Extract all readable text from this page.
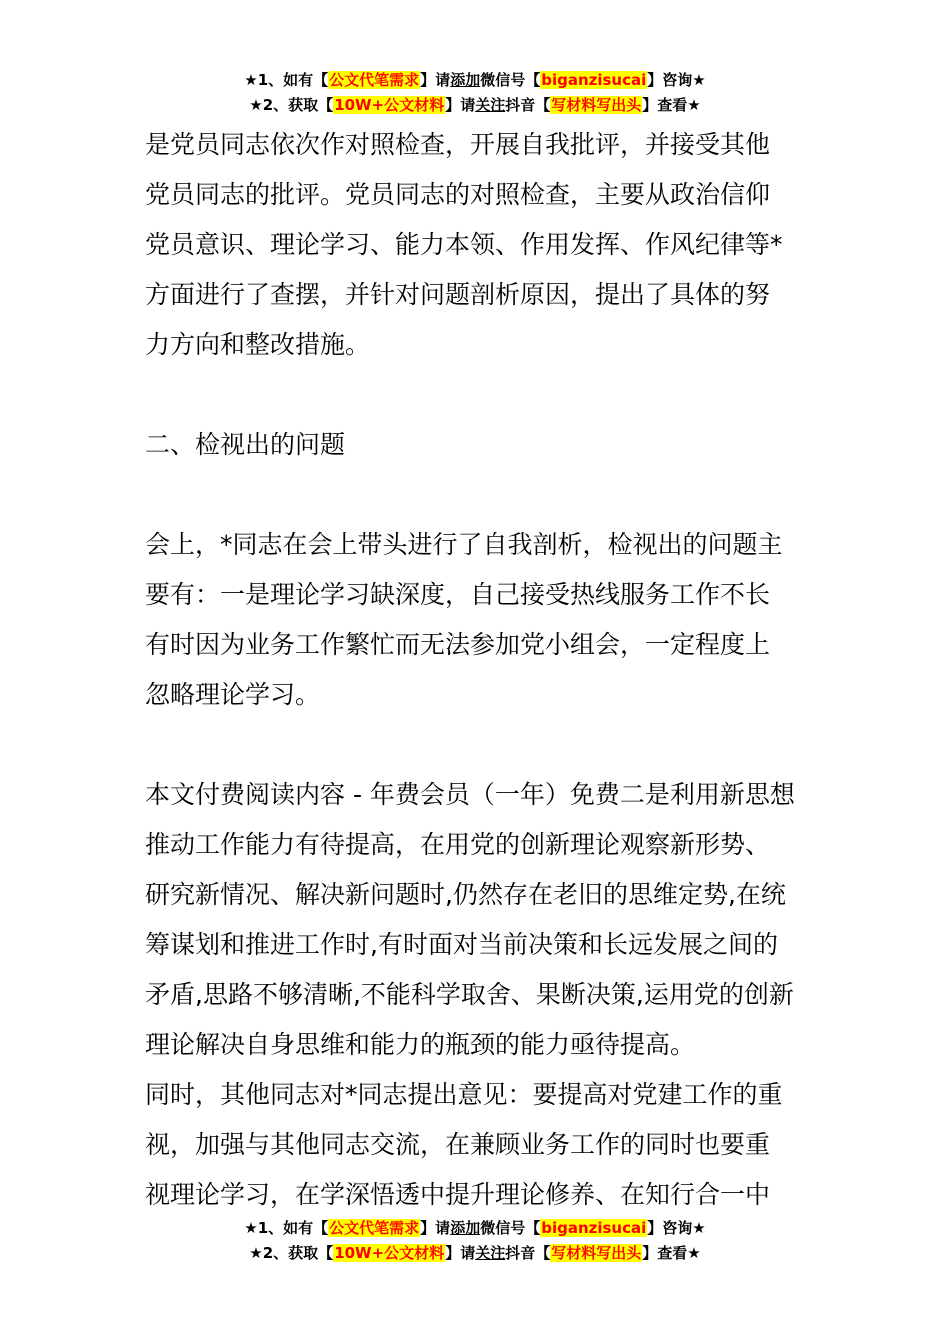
★1、如有【公文代笔需求】请添加微信号【biganzisucai】咨询★
★2、获取【10W+公文材料】请关注抖音【写材料写出头】查看★
是党员同志依次作对照检查，开展自我批评，并接受其他
党员同志的批评。党员同志的对照检查，主要从政治信仰
党员意识、理论学习、能力本领、作用发挥、作风纪律等*
方面进行了查摆，并针对问题剖析原因，提出了具体的努
力方向和整改措施。
二、检视出的问题
会上，*同志在会上带头进行了自我剖析，检视出的问题主
要有：一是理论学习缺深度，自己接受热线服务工作不长
有时因为业务工作繁忙而无法参加党小组会，一定程度上
忽略理论学习。
本文付费阅读内容 - 年费会员（一年）免费二是利用新思想
推动工作能力有待提高，在用党的创新理论观察新形势、
研究新情况、解决新问题时,仍然存在老旧的思维定势,在统
筹谋划和推进工作时,有时面对当前决策和长远发展之间的
矛盾,思路不够清晰,不能科学取舍、果断决策,运用党的创新
理论解决自身思维和能力的瓶颈的能力亟待提高。
同时，其他同志对*同志提出意见：要提高对党建工作的重
视，加强与其他同志交流，在兼顾业务工作的同时也要重
视理论学习，在学深悟透中提升理论修养、在知行合一中
★1、如有【公文代笔需求】请添加微信号【biganzisucai】咨询★
★2、获取【10W+公文材料】请关注抖音【写材料写出头】查看★
